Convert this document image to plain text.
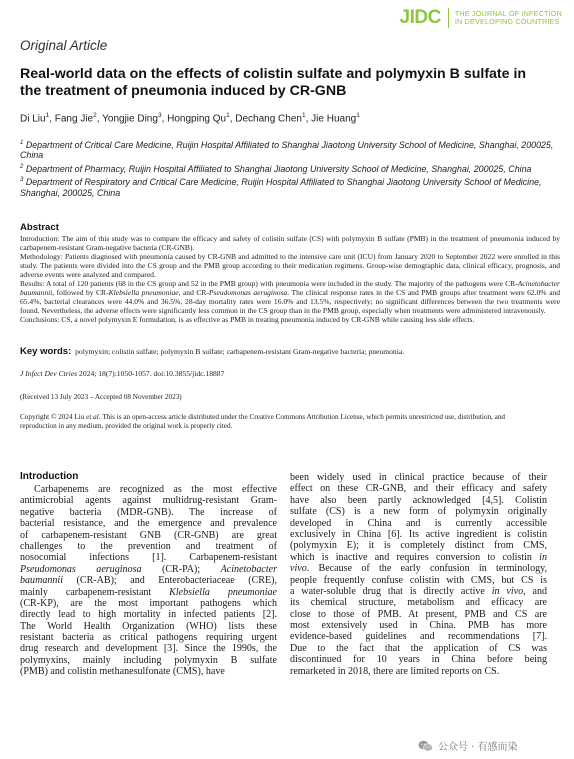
JIDC	THE JOURNAL OF INFECTION
IN DEVELOPING COUNTRIES
Original Article
Real-world data on the effects of colistin sulfate and polymyxin B sulfate in the treatment of pneumonia induced by CR-GNB
Di Liu$^1$, Fang Jie$^2$, Yongjie Ding$^3$, Hongping Qu$^1$, Dechang Chen$^1$, Jie Huang$^1$

$^1$ Department of Critical Care Medicine, Ruijin Hospital Affiliated to Shanghai Jiaotong University School of Medicine, Shanghai, 200025, China

$^2$ Department of Pharmacy, Ruijin Hospital Affiliated to Shanghai Jiaotong University School of Medicine, Shanghai, 200025, China

$^3$ Department of Respiratory and Critical Care Medicine, Ruijin Hospital Affiliated to Shanghai Jiaotong University School of Medicine, Shanghai, 200025, China

Abstract
Introduction: The aim of this study was to compare the efficacy and safety of colistin sulfate (CS) with polymyxin B sulfate (PMB) in the treatment of pneumonia induced by carbapenem-resistant Gram-negative bacteria (CR-GNB).
Methodology: Patients diagnosed with pneumonia caused by CR-GNB and admitted to the intensive care unit (ICU) from January 2020 to September 2022 were enrolled in this study. The patients were divided into the CS group and the PMB group according to their medication regimens. Group-wise demographic data, clinical efficacy, prognosis, and adverse events were analyzed and compared.
Results: A total of 120 patients (68 in the CS group and 52 in the PMB group) with pneumonia were included in the study. The majority of the pathogens were CR-Acinetobacter baumannii, followed by CR-Klebsiella pneumoniae, and CR-Pseudomonas aeruginosa. The clinical response rates in the CS and PMB groups after treatment were 62.0% and 65.4%, bacterial clearances were 44.0% and 36.5%, 28-day mortality rates were 16.0% and 13.5%, respectively; no significant differences between the two treatments were found. Nevertheless, the adverse effects were significantly less common in the CS group than in the PMB group, especially when treatments were administered intravenously.
Conclusions: CS, a novel polymyxin E formulation, is as effective as PMB in treating pneumonia induced by CR-GNB while causing less side effects.
Key words: polymyxin; colistin sulfate; polymyxin B sulfate; carbapenem-resistant Gram-negative bacteria; pneumonia.
J Infect Dev Ctries 2024; 18(7):1050-1057. doi:10.3855/jidc.18887
(Received 13 July 2023 – Accepted 08 November 2023)
Copyright © 2024 Liu et al. This is an open-access article distributed under the Creative Commons Attribution License, which permits unrestricted use, distribution, and reproduction in any medium, provided the original work is properly cited.
Introduction
Carbapenems are recognized as the most effective
antimicrobial agents against multidrug-resistant Gram-
negative bacteria (MDR-GNB). The increase of
bacterial resistance, and the emergence and prevalence
of carbapenem-resistant GNB (CR-GNB) are great
challenges to the prevention and treatment of
nosocomial infections [1]. Carbapenem-resistant
Pseudomonas aeruginosa (CR-PA); Acinetobacter
baumannii (CR-AB); and Enterobacteriaceae (CRE),
mainly carbapenem-resistant Klebsiella pneumoniae
(CR-KP), are the most important pathogens which
directly lead to high mortality in infected patients [2].
The World Health Organization (WHO) lists these
resistant bacteria as critical pathogens requiring urgent
drug research and development [3]. Since the 1990s, the
polymyxins, mainly including polymyxin B sulfate
(PMB) and colistin methanesulfonate (CMS), have
been widely used in clinical practice because of their
effect on these CR-GNB, and their efficacy and safety
have also been partly acknowledged [4,5]. Colistin
sulfate (CS) is a new form of polymyxin originally
developed in China and is currently accessible
exclusively in China [6]. Its active ingredient is colistin
(polymyxin E); it is completely distinct from CMS,
which is inactive and requires conversion to colistin in
vivo. Because of the early confusion in terminology,
people frequently confuse colistin with CMS, but CS is
a water-soluble drug that is directly active in vivo, and
its chemical structure, metabolism and efficacy are
close to those of PMB. At present, PMB and CS are
most extensively used in China. PMB has more
evidence-based guidelines and recommendations [7].
Due to the fact that the application of CS was
discontinued for 10 years in China before being
remarketed in 2018, there are limited reports on CS.
公众号 · 有感而染
